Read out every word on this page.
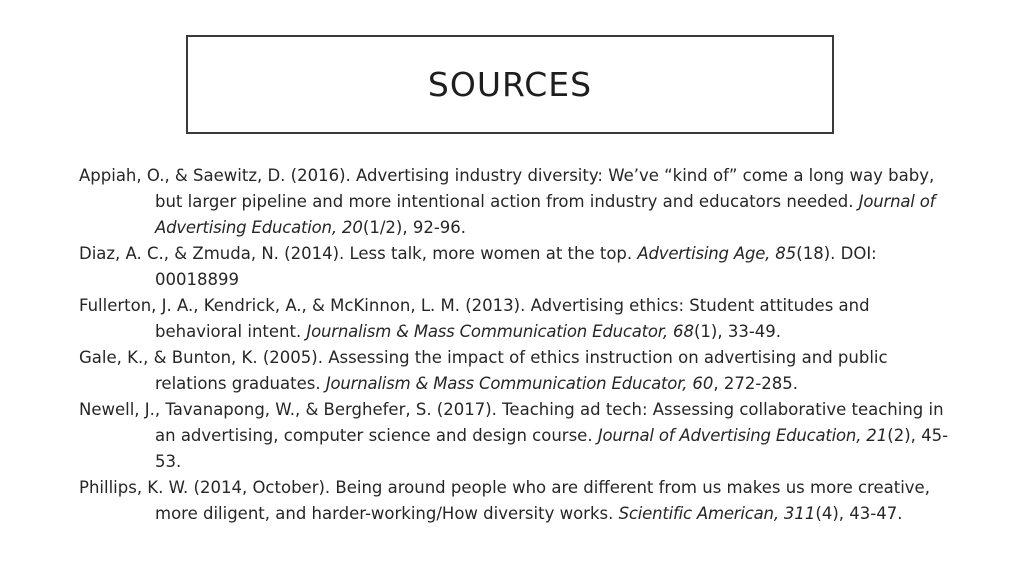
SOURCES

Appiah, O., & Saewitz, D. (2016). Advertising industry diversity: We’ve “kind of” come a long way baby, but larger pipeline and more intentional action from industry and educators needed. Journal of Advertising Education, 20(1/2), 92-96.

Diaz, A. C., & Zmuda, N. (2014). Less talk, more women at the top. Advertising Age, 85(18). DOI: 00018899

Fullerton, J. A., Kendrick, A., & McKinnon, L. M. (2013). Advertising ethics: Student attitudes and behavioral intent. Journalism & Mass Communication Educator, 68(1), 33-49.

Gale, K., & Bunton, K. (2005). Assessing the impact of ethics instruction on advertising and public relations graduates. Journalism & Mass Communication Educator, 60, 272-285.

Newell, J., Tavanapong, W., & Berghefer, S. (2017). Teaching ad tech: Assessing collaborative teaching in an advertising, computer science and design course. Journal of Advertising Education, 21(2), 45-53.

Phillips, K. W. (2014, October). Being around people who are different from us makes us more creative, more diligent, and harder-working/How diversity works. Scientific American, 311(4), 43-47.
